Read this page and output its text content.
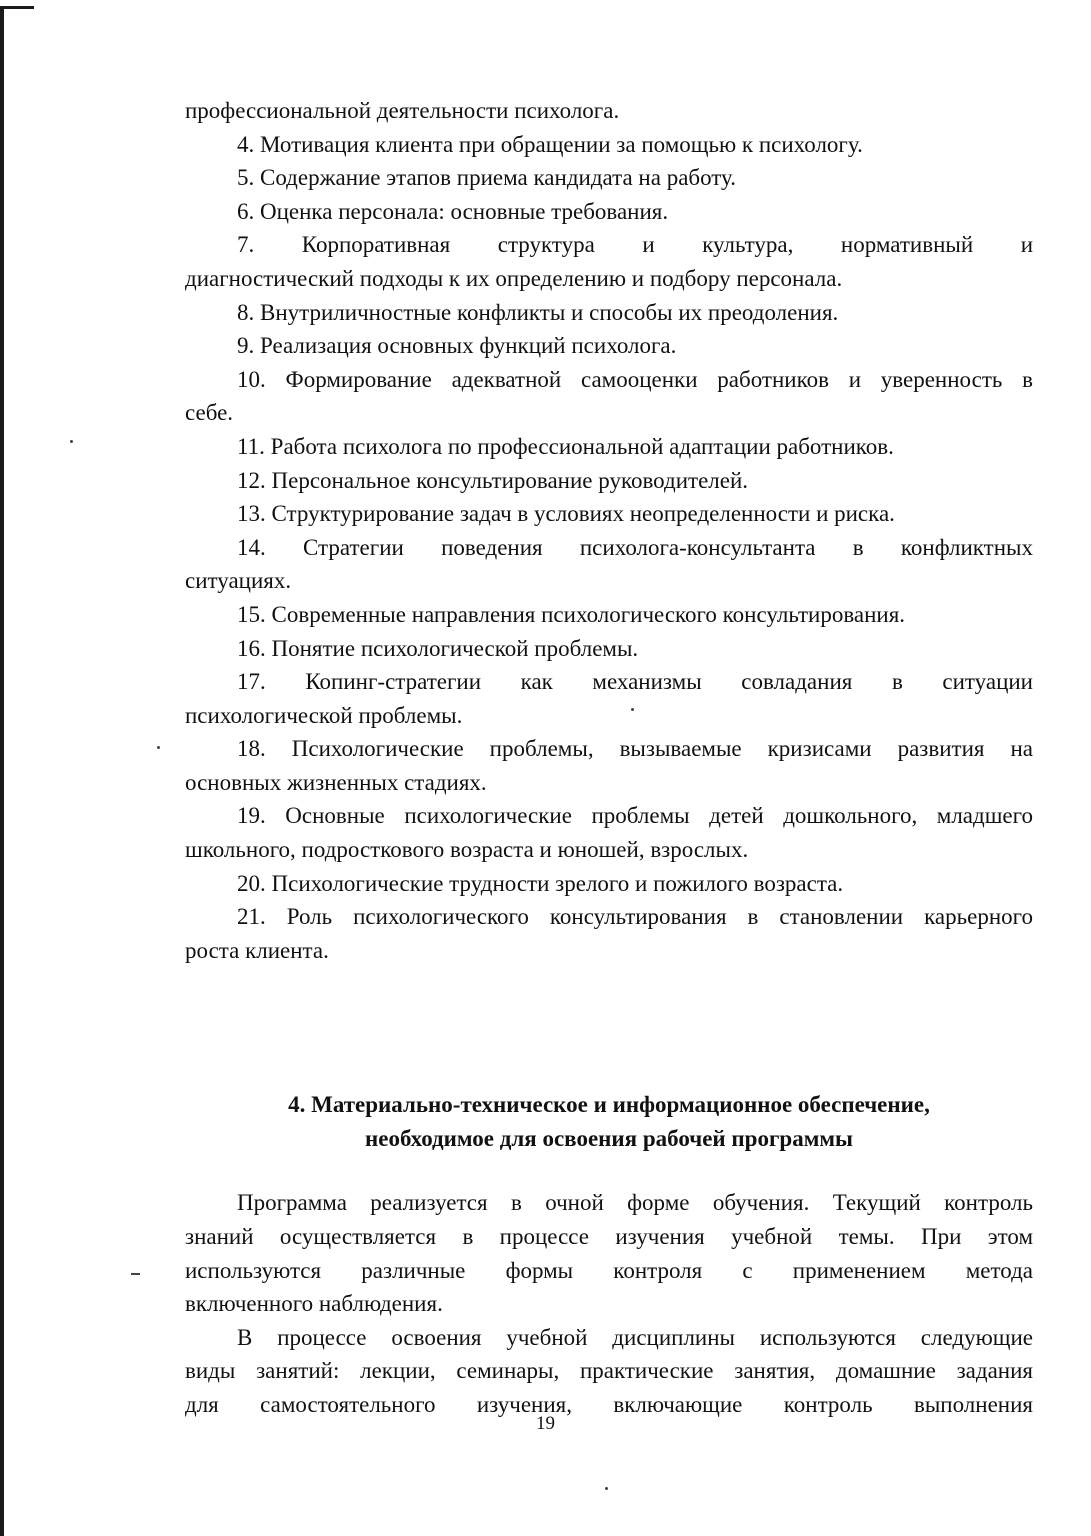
профессиональной деятельности психолога.
4. Мотивация клиента при обращении за помощью к психологу.
5. Содержание этапов приема кандидата на работу.
6. Оценка персонала: основные требования.
7. Корпоративная структура и культура, нормативный и
диагностический подходы к их определению и подбору персонала.
8. Внутриличностные конфликты и способы их преодоления.
9. Реализация основных функций психолога.
10. Формирование адекватной самооценки работников и уверенность в
себе.
11. Работа психолога по профессиональной адаптации работников.
12. Персональное консультирование руководителей.
13. Структурирование задач в условиях неопределенности и риска.
14. Стратегии поведения психолога-консультанта в конфликтных
ситуациях.
15. Современные направления психологического консультирования.
16. Понятие психологической проблемы.
17. Копинг-стратегии как механизмы совладания в ситуации
психологической проблемы.
18. Психологические проблемы, вызываемые кризисами развития на
основных жизненных стадиях.
19. Основные психологические проблемы детей дошкольного, младшего
школьного, подросткового возраста и юношей, взрослых.
20. Психологические трудности зрелого и пожилого возраста.
21. Роль психологического консультирования в становлении карьерного
роста клиента.
4. Материально-техническое и информационное обеспечение,
необходимое для освоения рабочей программы
Программа реализуется в очной форме обучения. Текущий контроль
знаний осуществляется в процессе изучения учебной темы. При этом
используются различные формы контроля с применением метода
включенного наблюдения.
В процессе освоения учебной дисциплины используются следующие
виды занятий: лекции, семинары, практические занятия, домашние задания
для самостоятельного изучения, включающие контроль выполнения
19
